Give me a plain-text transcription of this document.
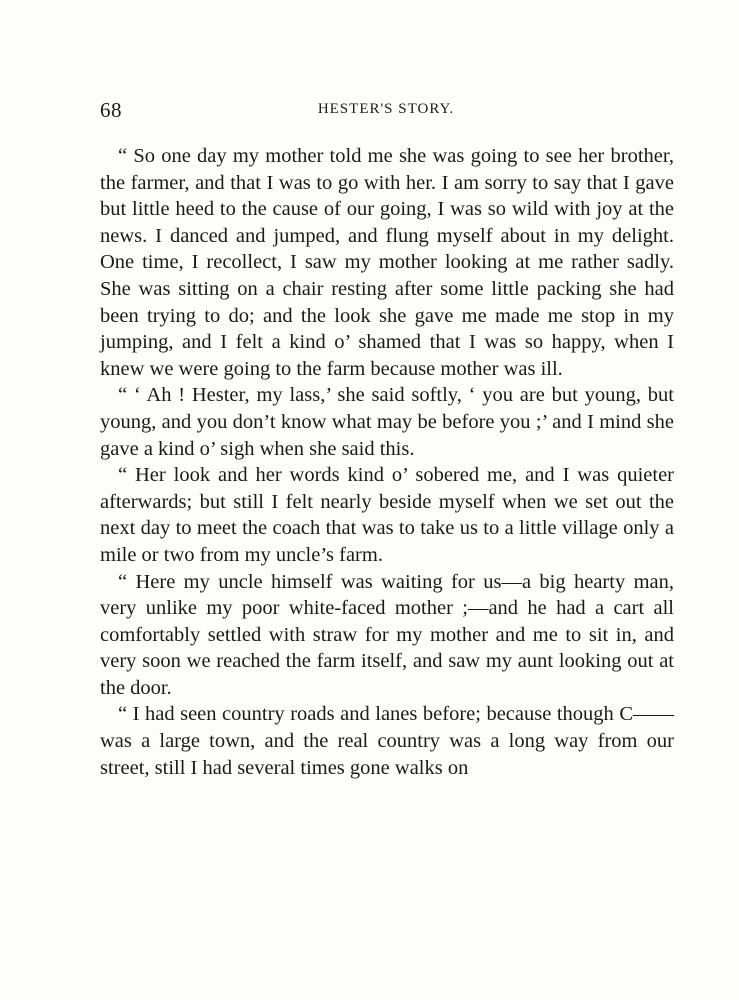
68	HESTER'S STORY.

“ So one day my mother told me she was going to see her brother, the farmer, and that I was to go with her. I am sorry to say that I gave but little heed to the cause of our going, I was so wild with joy at the news. I danced and jumped, and flung myself about in my delight. One time, I recollect, I saw my mother looking at me rather sadly. She was sitting on a chair resting after some little packing she had been trying to do; and the look she gave me made me stop in my jumping, and I felt a kind o’ shamed that I was so happy, when I knew we were going to the farm because mother was ill.

“ ‘ Ah ! Hester, my lass,’ she said softly, ‘ you are but young, but young, and you don’t know what may be before you ;’ and I mind she gave a kind o’ sigh when she said this.

“ Her look and her words kind o’ sobered me, and I was quieter afterwards; but still I felt nearly beside myself when we set out the next day to meet the coach that was to take us to a little village only a mile or two from my uncle’s farm.

“ Here my uncle himself was waiting for us—a big hearty man, very unlike my poor white-faced mother ;—and he had a cart all comfortably settled with straw for my mother and me to sit in, and very soon we reached the farm itself, and saw my aunt looking out at the door.

“ I had seen country roads and lanes before; because though C—— was a large town, and the real country was a long way from our street, still I had several times gone walks on
